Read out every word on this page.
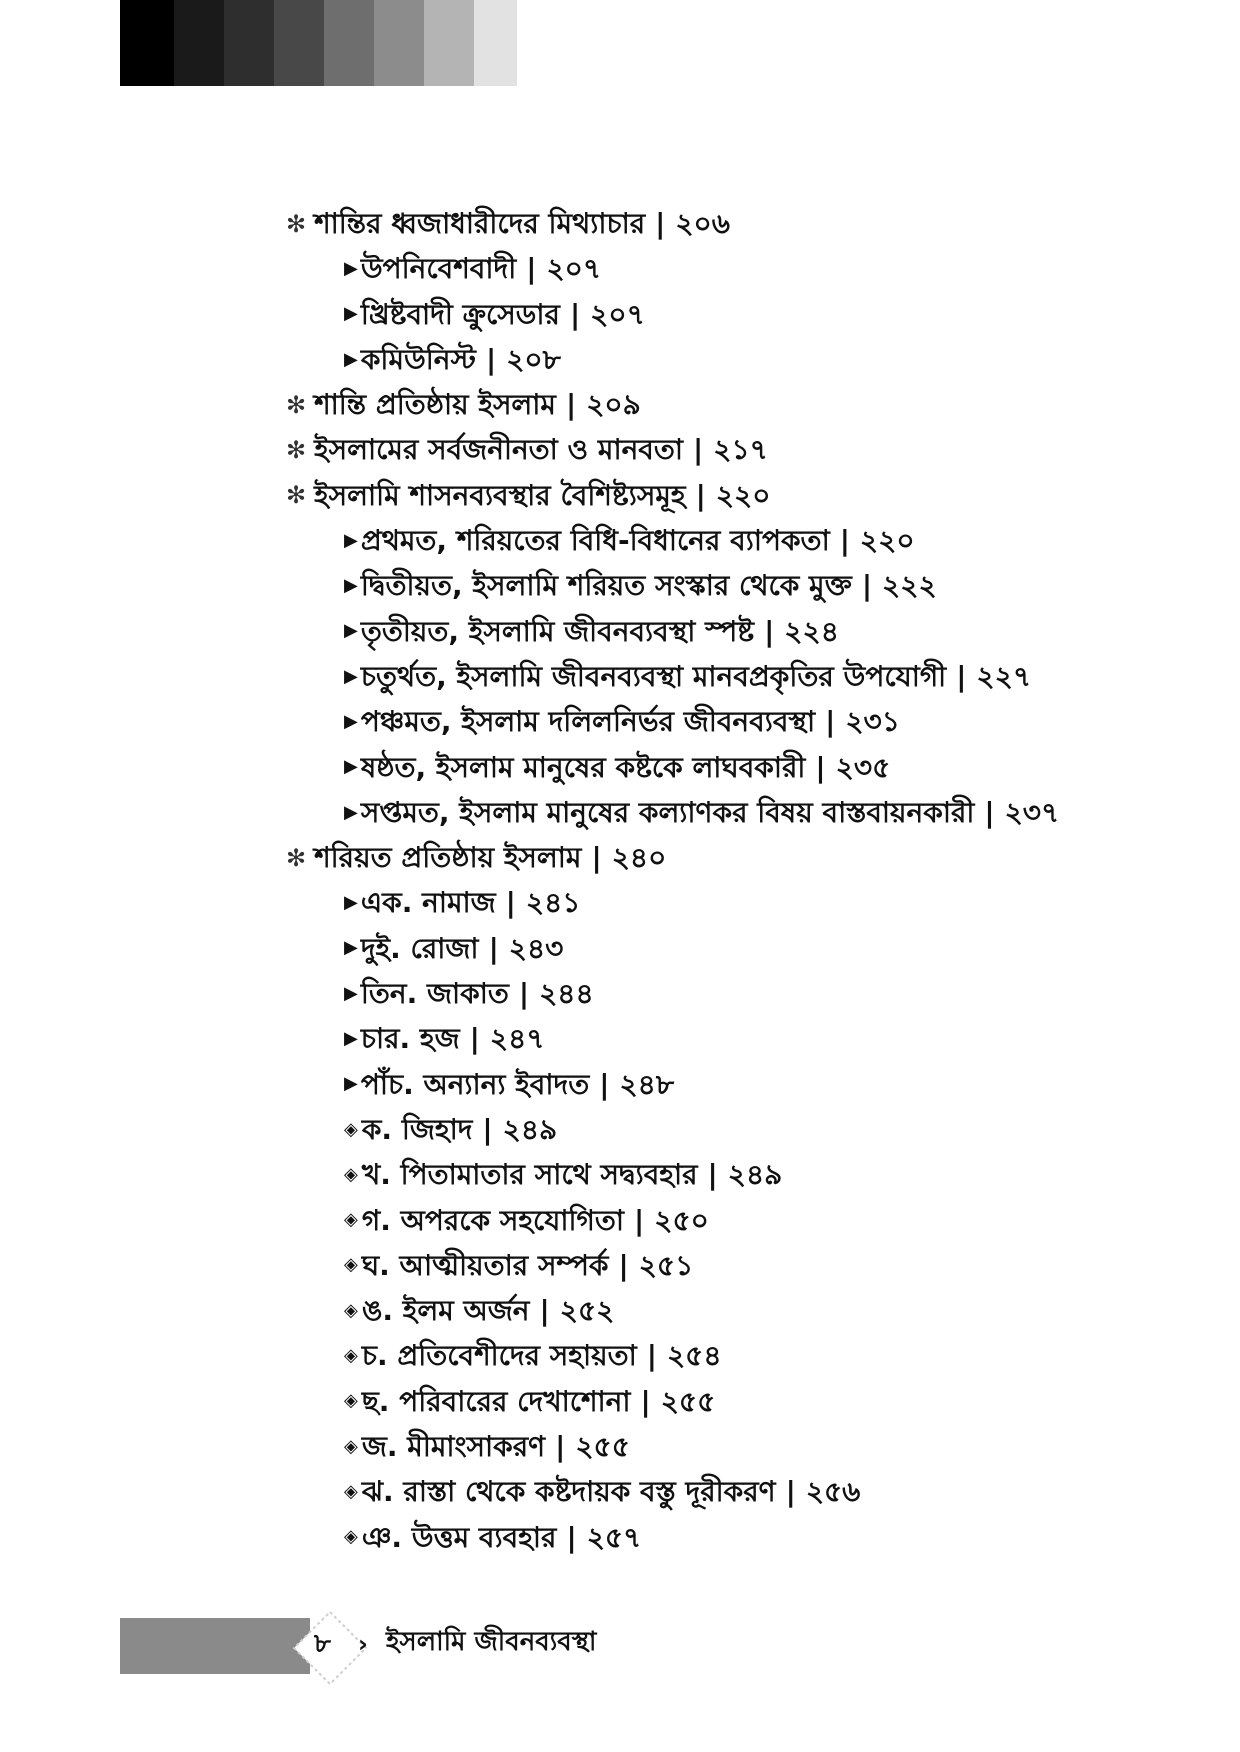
✻ শান্তির ধ্বজাধারীদের মিথ্যাচার | ২০৬
▶ উপনিবেশবাদী | ২০৭
▶ খ্রিষ্টবাদী ক্রুসেডার | ২০৭
▶ কমিউনিস্ট | ২০৮
✻ শান্তি প্রতিষ্ঠায় ইসলাম | ২০৯
✻ ইসলামের সর্বজনীনতা ও মানবতা | ২১৭
✻ ইসলামি শাসনব্যবস্থার বৈশিষ্ট্যসমূহ | ২২০
▶ প্রথমত, শরিয়তের বিধি-বিধানের ব্যাপকতা | ২২০
▶ দ্বিতীয়ত, ইসলামি শরিয়ত সংস্কার থেকে মুক্ত | ২২২
▶ তৃতীয়ত, ইসলামি জীবনব্যবস্থা স্পষ্ট | ২২৪
▶ চতুর্থত, ইসলামি জীবনব্যবস্থা মানবপ্রকৃতির উপযোগী | ২২৭
▶ পঞ্চমত, ইসলাম দলিলনির্ভর জীবনব্যবস্থা | ২৩১
▶ ষষ্ঠত, ইসলাম মানুষের কষ্টকে লাঘবকারী | ২৩৫
▶ সপ্তমত, ইসলাম মানুষের কল্যাণকর বিষয় বাস্তবায়নকারী | ২৩৭
✻ শরিয়ত প্রতিষ্ঠায় ইসলাম | ২৪০
▶ এক. নামাজ | ২৪১
▶ দুই. রোজা | ২৪৩
▶ তিন. জাকাত | ২৪৪
▶ চার. হজ | ২৪৭
▶ পাঁচ. অন্যান্য ইবাদত | ২৪৮
◈ ক. জিহাদ | ২৪৯
◈ খ. পিতামাতার সাথে সদ্ব্যবহার | ২৪৯
◈ গ. অপরকে সহযোগিতা | ২৫০
◈ ঘ. আত্মীয়তার সম্পর্ক | ২৫১
◈ ঙ. ইলম অর্জন | ২৫২
◈ চ. প্রতিবেশীদের সহায়তা | ২৫৪
◈ ছ. পরিবারের দেখাশোনা | ২৫৫
◈ জ. মীমাংসাকরণ | ২৫৫
◈ ঝ. রাস্তা থেকে কষ্টদায়ক বস্তু দূরীকরণ | ২৫৬
◈ ঞ. উত্তম ব্যবহার | ২৫৭
৮ › ইসলামি জীবনব্যবস্থা
